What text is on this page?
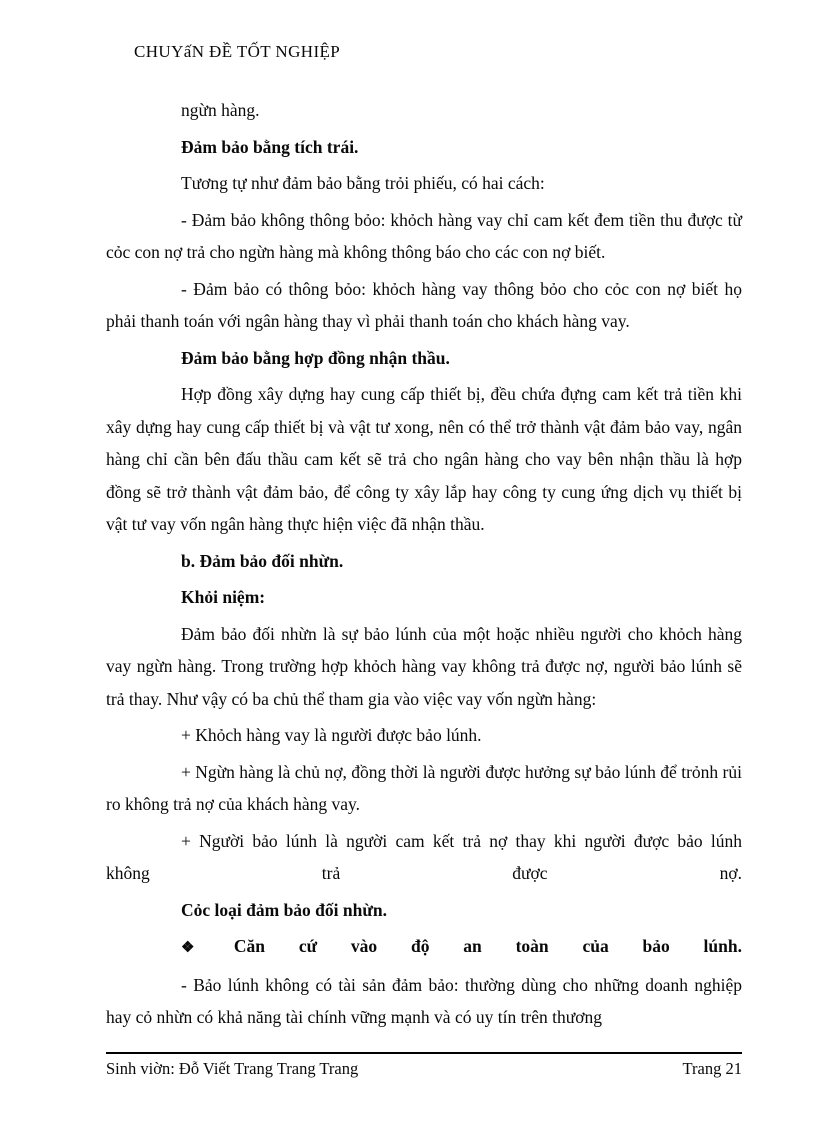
CHUYấN ĐỀ TỐT NGHIỆP

ngừn hàng.

Đảm bảo bằng tích trái.

Tương tự như đảm bảo bằng trỏi phiếu, có hai cách:

- Đảm bảo không thông bỏo: khỏch hàng vay chỉ cam kết đem tiền thu được từ cỏc con nợ trả cho ngừn hàng mà không thông báo cho các con nợ biết.

- Đảm bảo có thông bỏo: khỏch hàng vay thông bỏo cho cỏc con nợ biết họ phải thanh toán với ngân hàng thay vì phải thanh toán cho khách hàng vay.

Đảm bảo bằng hợp đồng nhận thầu.

Hợp đồng xây dựng hay cung cấp thiết bị, đều chứa đựng cam kết trả tiền khi xây dựng hay cung cấp thiết bị và vật tư xong, nên có thể trở thành vật đảm bảo vay, ngân hàng chỉ cần bên đấu thầu cam kết sẽ trả cho ngân hàng cho vay bên nhận thầu là hợp đồng sẽ trở thành vật đảm bảo, để công ty xây lắp hay công ty cung ứng dịch vụ thiết bị vật tư vay vốn ngân hàng thực hiện việc đã nhận thầu.

b. Đảm bảo đối nhừn.

Khỏi niệm:

Đảm bảo đối nhừn là sự bảo lúnh của một hoặc nhiều người cho khỏch hàng vay ngừn hàng. Trong trường hợp khỏch hàng vay không trả được nợ, người bảo lúnh sẽ trả thay. Như vậy có ba chủ thể tham gia vào việc vay vốn ngừn hàng:

+ Khỏch hàng vay là người được bảo lúnh.

+ Ngừn hàng là chủ nợ, đồng thời là người được hưởng sự bảo lúnh để trỏnh rủi ro không trả nợ của khách hàng vay.

+ Người bảo lúnh là người cam kết trả nợ thay khi người được bảo lúnh

không trả được nợ.

Cỏc loại đảm bảo đối nhừn.

❖ Căn cứ vào độ an toàn của bảo lúnh.

- Bảo lúnh không có tài sản đảm bảo: thường dùng cho những doanh nghiệp hay cỏ nhừn có khả năng tài chính vững mạnh và có uy tín trên thương

Sinh viờn: Đỗ Viết Trang Trang Trang	Trang 21
